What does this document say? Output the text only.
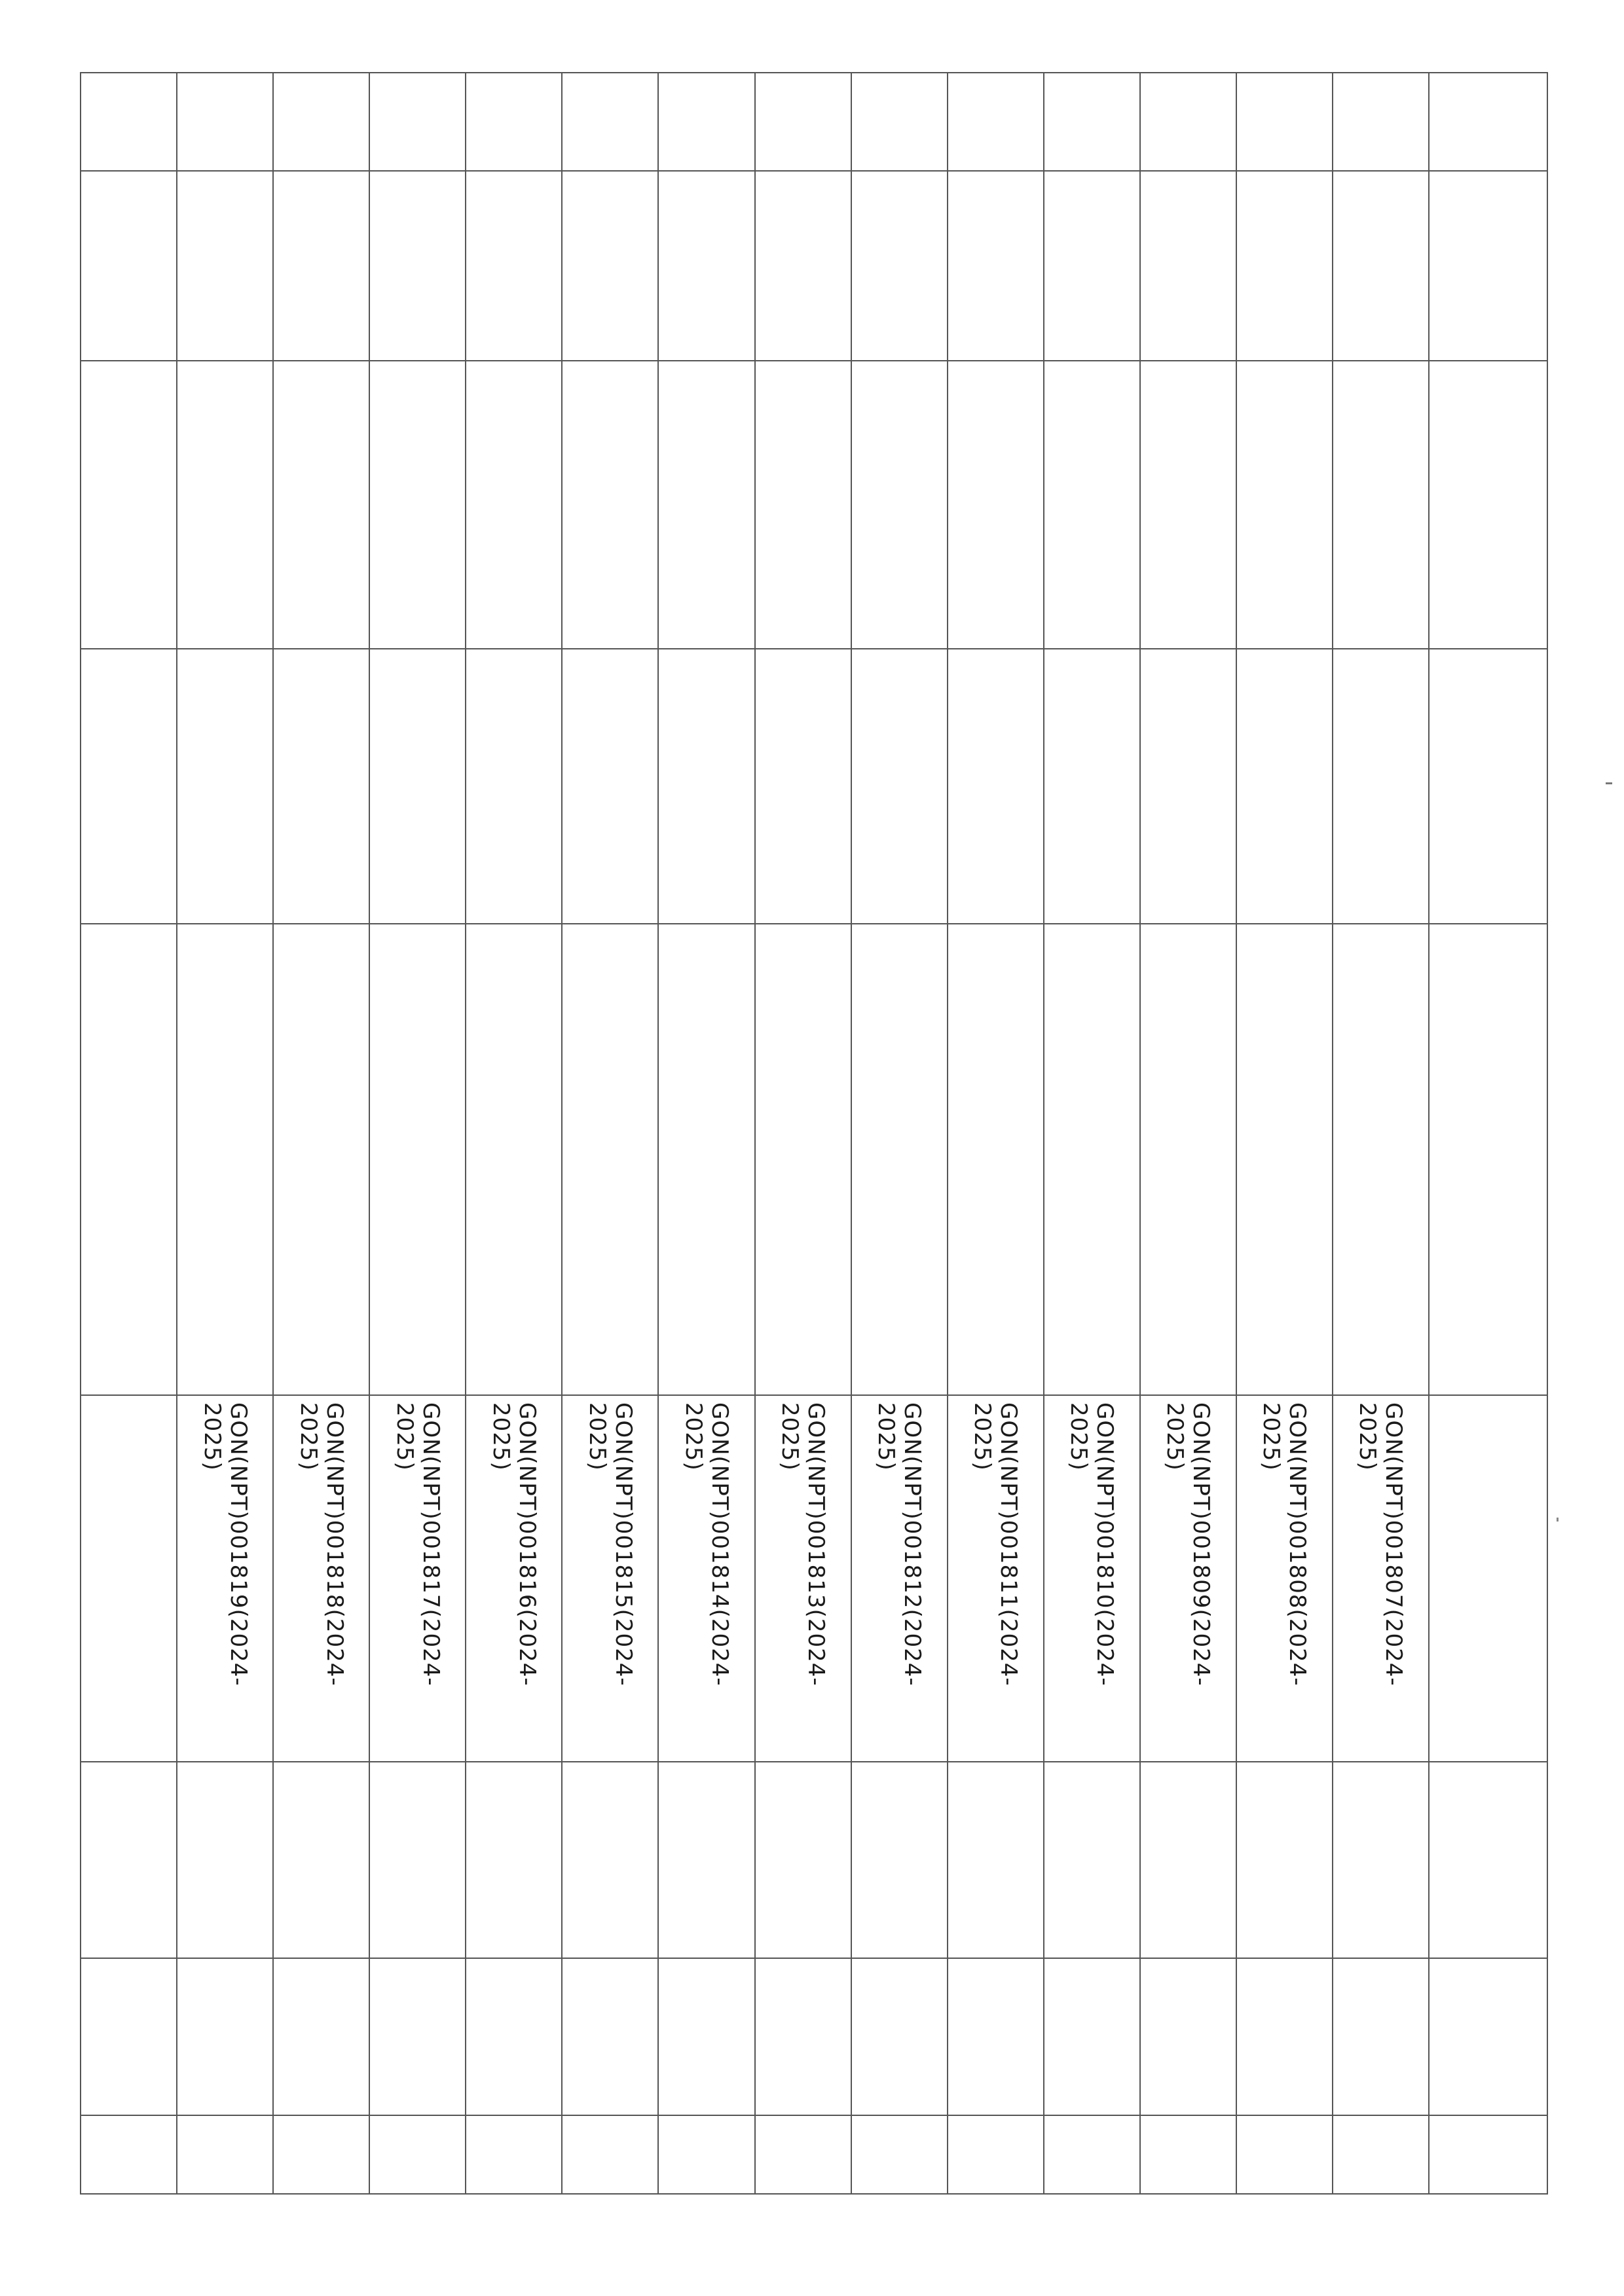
					GON(NPT)001807(2024-2025)			
					GON(NPT)001808(2024-2025)			
					GON(NPT)001809(2024-2025)			
					GON(NPT)001810(2024-2025)			
					GON(NPT)001811(2024-2025)			
					GON(NPT)001812(2024-2025)			
					GON(NPT)001813(2024-2025)			
					GON(NPT)001814(2024-2025)			
					GON(NPT)001815(2024-2025)			
					GON(NPT)001816(2024-2025)			
					GON(NPT)001817(2024-2025)			
					GON(NPT)001818(2024-2025)			
					GON(NPT)001819(2024-2025)			
